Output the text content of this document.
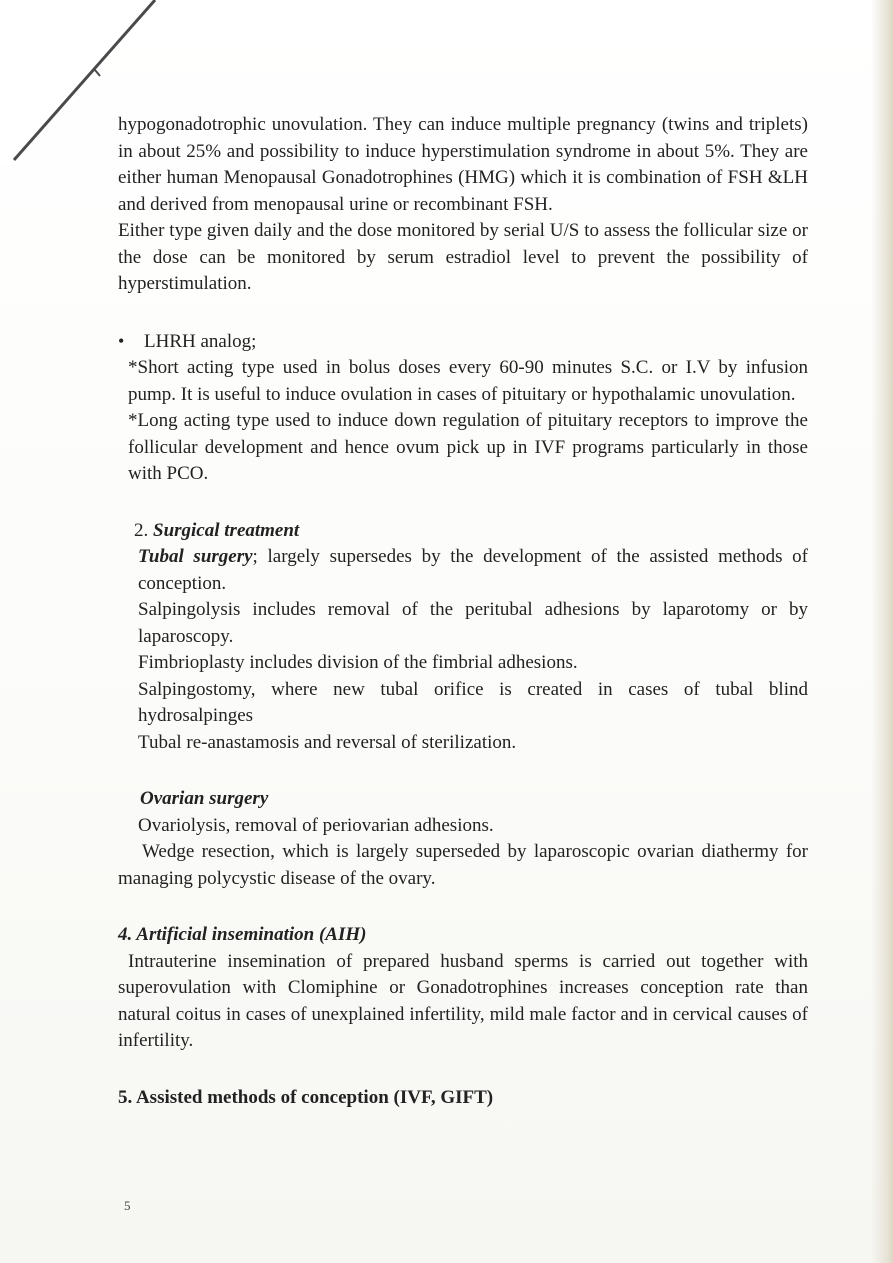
hypogonadotrophic unovulation. They can induce multiple pregnancy (twins and triplets) in about 25% and possibility to induce hyperstimulation syndrome in about 5%. They are either human Menopausal Gonadotrophines (HMG) which it is combination of FSH &LH and derived from menopausal urine or recombinant FSH.

Either type given daily and the dose monitored by serial U/S to assess the follicular size or the dose can be monitored by serum estradiol level to prevent the possibility of hyperstimulation.

•	LHRH analog;

*Short acting type used in bolus doses every 60-90 minutes S.C. or I.V by infusion pump. It is useful to induce ovulation in cases of pituitary or hypothalamic unovulation.

*Long acting type used to induce down regulation of pituitary receptors to improve the follicular development and hence ovum pick up in IVF programs particularly in those with PCO.

2. Surgical treatment

Tubal surgery; largely supersedes by the development of the assisted methods of conception.

Salpingolysis includes removal of the peritubal adhesions by laparotomy or by laparoscopy.

Fimbrioplasty includes division of the fimbrial adhesions.

Salpingostomy, where new tubal orifice is created in cases of tubal blind hydrosalpinges

Tubal re-anastamosis and reversal of sterilization.

Ovarian surgery

Ovariolysis, removal of periovarian adhesions.

Wedge resection, which is largely superseded by laparoscopic ovarian diathermy for managing polycystic disease of the ovary.

4. Artificial insemination (AIH)

Intrauterine insemination of prepared husband sperms is carried out together with superovulation with Clomiphine or Gonadotrophines increases conception rate than natural coitus in cases of unexplained infertility, mild male factor and in cervical causes of infertility.

5. Assisted methods of conception (IVF, GIFT)
5
